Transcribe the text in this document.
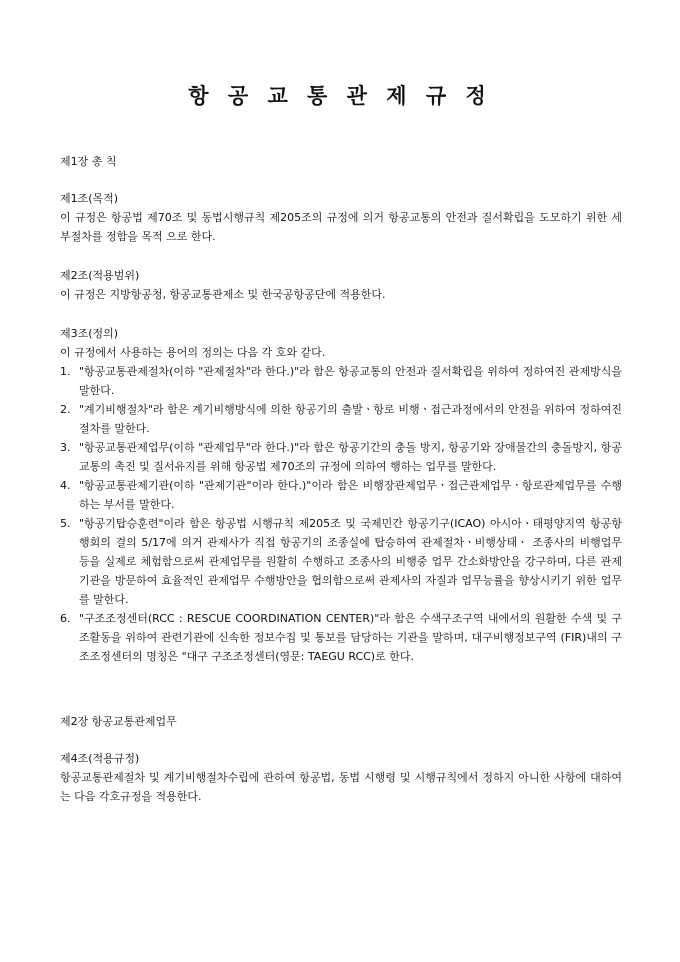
항 공 교 통 관 제 규 정

제1장 총 칙

제1조(목적)

이 규정은 항공법 제70조 및 동법시행규칙 제205조의 규정에 의거 항공교통의 안전과 질서확립을 도모하기 위한 세부절차를 정함을 목적 으로 한다.

제2조(적용범위)

이 규정은 지방항공청, 항공교통관제소 및 한국공항공단에 적용한다.

제3조(정의)

이 규정에서 사용하는 용어의 정의는 다음 각 호와 같다.

1. "항공교통관제절차(이하 "관제절차"라 한다.)"라 함은 항공교통의 안전과 질서확립을 위하여 정하여진 관제방식을 말한다.
2. "계기비행절차"라 함은 계기비행방식에 의한 항공기의 출발ㆍ항로 비행ㆍ접근과정에서의 안전을 위하여 정하여진 절차를 말한다.
3. "항공교통관제업무(이하 "관제업무"라 한다.)"라 함은 항공기간의 충돌 방지, 항공기와 장애물간의 충돌방지, 항공교통의 촉진 및 질서유지를 위해 항공법 제70조의 규정에 의하여 행하는 업무를 말한다.
4. "항공교통관제기관(이하 "관제기관"이라 한다.)"이라 함은 비행장관제업무ㆍ접근관제업무ㆍ항로관제업무를 수행하는 부서를 말한다.
5. "항공기탑승훈련"이라 함은 항공법 시행규칙 제205조 및 국제민간 항공기구(ICAO) 아시아ㆍ태평양지역 항공항행회의 결의 5/17에 의거 관제사가 직접 항공기의 조종실에 탑승하여 관제절차ㆍ비행상태ㆍ 조종사의 비행업무 등을 실제로 체험함으로써 관제업무를 원활히 수행하고 조종사의 비행중 업무 간소화방안을 강구하며, 다른 관제 기관을 방문하여 효율적인 관제업무 수행방안을 협의함으로써 관제사의 자질과 업무능률을 향상시키기 위한 업무를 말한다.
6. "구조조정센터(RCC : RESCUE COORDINATION CENTER)"라 함은 수색구조구역 내에서의 원활한 수색 및 구조활동을 위하여 관련기관에 신속한 정보수집 및 통보를 담당하는 기관을 말하며, 대구비행정보구역 (FIR)내의 구조조정센터의 명칭은 "대구 구조조정센터(영문: TAEGU RCC)로 한다.

제2장 항공교통관제업무

제4조(적용규정)

항공교통관제절차 및 계기비행절차수립에 관하여 항공법, 동법 시행령 및 시행규칙에서 정하지 아니한 사항에 대하여는 다음 각호규정을 적용한다.
